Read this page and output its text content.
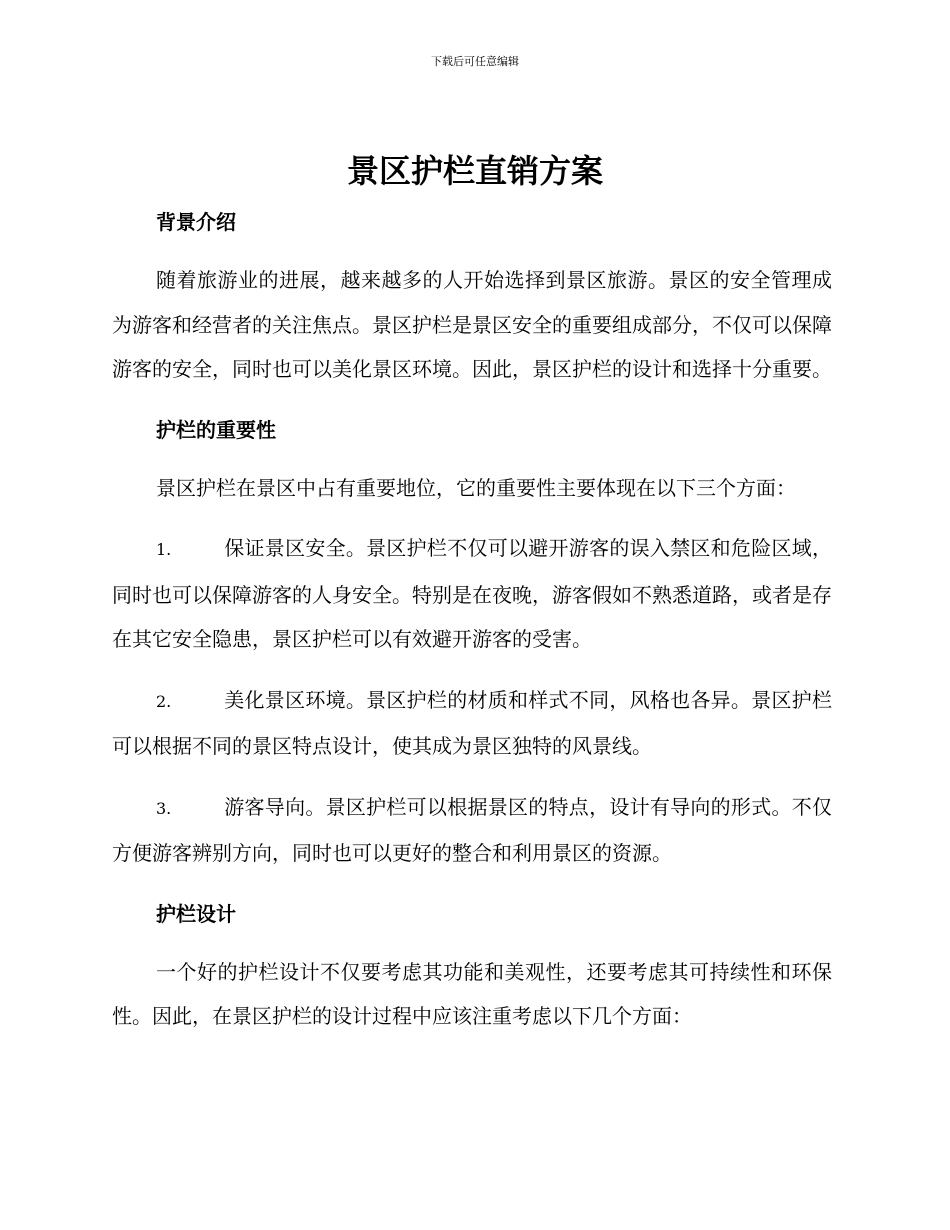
下载后可任意编辑
景区护栏直销方案
背景介绍

随着旅游业的进展，越来越多的人开始选择到景区旅游。景区的安全管理成为游客和经营者的关注焦点。景区护栏是景区安全的重要组成部分，不仅可以保障游客的安全，同时也可以美化景区环境。因此，景区护栏的设计和选择十分重要。

护栏的重要性

景区护栏在景区中占有重要地位，它的重要性主要体现在以下三个方面：

1.	保证景区安全。景区护栏不仅可以避开游客的误入禁区和危险区域，同时也可以保障游客的人身安全。特别是在夜晚，游客假如不熟悉道路，或者是存在其它安全隐患，景区护栏可以有效避开游客的受害。

2.	美化景区环境。景区护栏的材质和样式不同，风格也各异。景区护栏可以根据不同的景区特点设计，使其成为景区独特的风景线。

3.	游客导向。景区护栏可以根据景区的特点，设计有导向的形式。不仅方便游客辨别方向，同时也可以更好的整合和利用景区的资源。

护栏设计

一个好的护栏设计不仅要考虑其功能和美观性，还要考虑其可持续性和环保性。因此，在景区护栏的设计过程中应该注重考虑以下几个方面：
